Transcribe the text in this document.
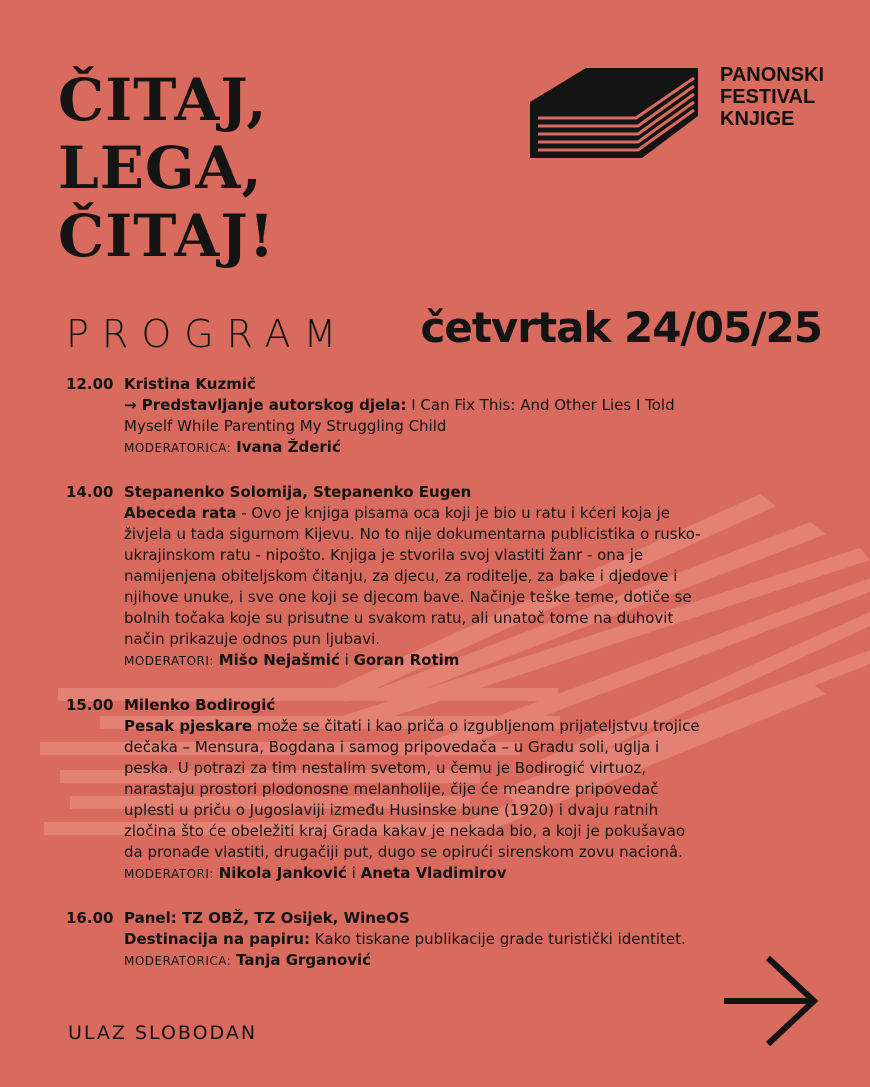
ČITAJ,
LEGA,
ČITAJ!
PANONSKI
FESTIVAL
KNJIGE
PROGRAM četvrtak 24/05/25
12.00 Kristina Kuzmič

→ Predstavljanje autorskog djela: I Can Fix This: And Other Lies I Told Myself While Parenting My Struggling Child

MODERATORICA: Ivana Žderić
14.00 Stepanenko Solomija, Stepanenko Eugen

Abeceda rata - Ovo je knjiga pisama oca koji je bio u ratu i kćeri koja je živjela u tada sigurnom Kijevu. No to nije dokumentarna publicistika o rusko-ukrajinskom ratu - nipošto. Knjiga je stvorila svoj vlastiti žanr - ona je namijenjena obiteljskom čitanju, za djecu, za roditelje, za bake i djedove i njihove unuke, i sve one koji se djecom bave. Načinje teške teme, dotiče se bolnih točaka koje su prisutne u svakom ratu, ali unatoč tome na duhovit način prikazuje odnos pun ljubavi.

MODERATORI: Mišo Nejašmić i Goran Rotim
15.00 Milenko Bodirogić

Pesak pjeskare može se čitati i kao priča o izgubljenom prijateljstvu trojice dečaka – Mensura, Bogdana i samog pripovedača – u Gradu soli, uglja i peska. U potrazi za tim nestalim svetom, u čemu je Bodirogić virtuoz, narastaju prostori plodonosne melanholije, čije će meandre pripovedač uplesti u priču o Jugoslaviji između Husinske bune (1920) i dvaju ratnih zločina što će obeležiti kraj Grada kakav je nekada bio, a koji je pokušavao da pronađe vlastiti, drugačiji put, dugo se opirući sirenskom zovu nacionâ.

MODERATORI: Nikola Janković i Aneta Vladimirov
16.00 Panel: TZ OBŽ, TZ Osijek, WineOS

Destinacija na papiru: Kako tiskane publikacije grade turistički identitet.

MODERATORICA: Tanja Grganović
ULAZ SLOBODAN
